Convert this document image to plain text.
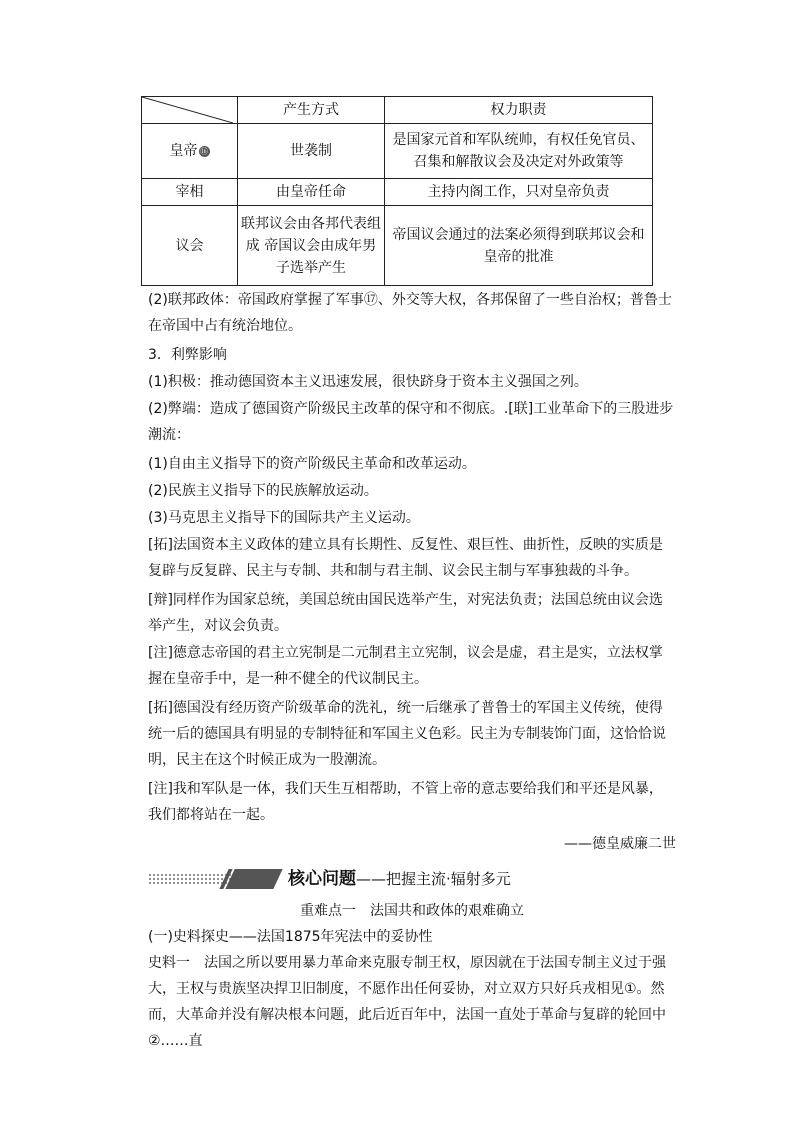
	产生方式	权力职责
皇帝 ⑯	世袭制	是国家元首和军队统帅，有权任免官员、召集和解散议会及决定对外政策等
宰相	由皇帝任命	主持内阁工作，只对皇帝负责
议会	联邦议会由各邦代表组成 帝国议会由成年男子选举产生	帝国议会通过的法案必须得到联邦议会和皇帝的批准
(2)联邦政体：帝国政府掌握了军事⑰、外交等大权，各邦保留了一些自治权；普鲁士在帝国中占有统治地位。
3．利弊影响
(1)积极：推动德国资本主义迅速发展，很快跻身于资本主义强国之列。
(2)弊端：造成了德国资产阶级民主改革的保守和不彻底。.[联]工业革命下的三股进步潮流：
(1)自由主义指导下的资产阶级民主革命和改革运动。
(2)民族主义指导下的民族解放运动。
(3)马克思主义指导下的国际共产主义运动。
[拓]法国资本主义政体的建立具有长期性、反复性、艰巨性、曲折性，反映的实质是复辟与反复辟、民主与专制、共和制与君主制、议会民主制与军事独裁的斗争。
[辩]同样作为国家总统，美国总统由国民选举产生，对宪法负责；法国总统由议会选举产生，对议会负责。
[注]德意志帝国的君主立宪制是二元制君主立宪制，议会是虚，君主是实，立法权掌握在皇帝手中，是一种不健全的代议制民主。
[拓]德国没有经历资产阶级革命的洗礼，统一后继承了普鲁士的军国主义传统，使得统一后的德国具有明显的专制特征和军国主义色彩。民主为专制装饰门面，这恰恰说明，民主在这个时候正成为一股潮流。
[注]我和军队是一体，我们天生互相帮助，不管上帝的意志要给我们和平还是风暴，我们都将站在一起。
——德皇威廉二世
核心问题——把握主流·辐射多元
重难点一　法国共和政体的艰难确立
(一)史料探史——法国1875年宪法中的妥协性
史料一　法国之所以要用暴力革命来克服专制王权，原因就在于法国专制主义过于强大，王权与贵族坚决捍卫旧制度，不愿作出任何妥协，对立双方只好兵戎相见①。然而，大革命并没有解决根本问题，此后近百年中，法国一直处于革命与复辟的轮回中②……直
